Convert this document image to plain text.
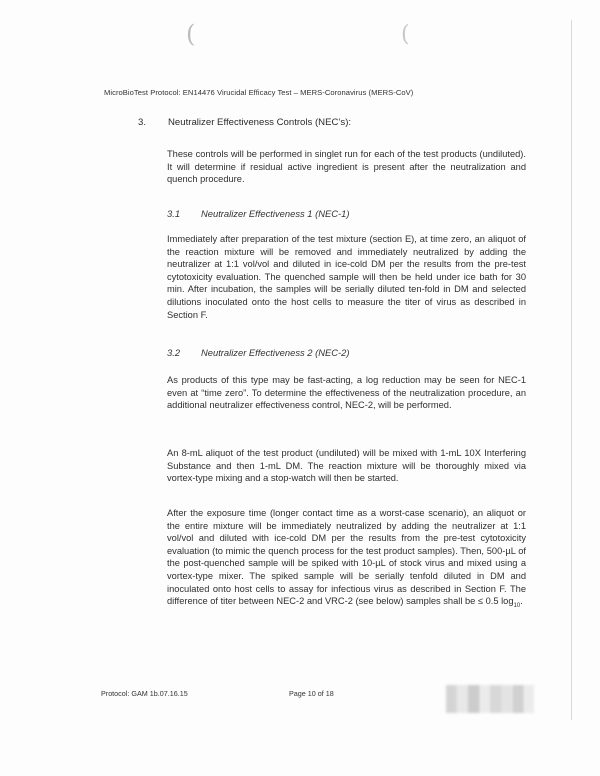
(	(
MicroBioTest Protocol: EN14476 Virucidal Efficacy Test – MERS-Coronavirus (MERS-CoV)
3. Neutralizer Effectiveness Controls (NEC’s):
These controls will be performed in singlet run for each of the test products (undiluted). It will determine if residual active ingredient is present after the neutralization and quench procedure.
3.1 Neutralizer Effectiveness 1 (NEC-1)
Immediately after preparation of the test mixture (section E), at time zero, an aliquot of the reaction mixture will be removed and immediately neutralized by adding the neutralizer at 1:1 vol/vol and diluted in ice-cold DM per the results from the pre-test cytotoxicity evaluation. The quenched sample will then be held under ice bath for 30 min. After incubation, the samples will be serially diluted ten-fold in DM and selected dilutions inoculated onto the host cells to measure the titer of virus as described in Section F.
3.2 Neutralizer Effectiveness 2 (NEC-2)
As products of this type may be fast-acting, a log reduction may be seen for NEC-1 even at “time zero”. To determine the effectiveness of the neutralization procedure, an additional neutralizer effectiveness control, NEC-2, will be performed.
An 8-mL aliquot of the test product (undiluted) will be mixed with 1-mL 10X Interfering Substance and then 1-mL DM. The reaction mixture will be thoroughly mixed via vortex-type mixing and a stop-watch will then be started.
After the exposure time (longer contact time as a worst-case scenario), an aliquot or the entire mixture will be immediately neutralized by adding the neutralizer at 1:1 vol/vol and diluted with ice-cold DM per the results from the pre-test cytotoxicity evaluation (to mimic the quench process for the test product samples). Then, 500-µL of the post-quenched sample will be spiked with 10-µL of stock virus and mixed using a vortex-type mixer. The spiked sample will be serially tenfold diluted in DM and inoculated onto host cells to assay for infectious virus as described in Section F. The difference of titer between NEC-2 and VRC-2 (see below) samples shall be ≤ 0.5 $\log_{10}$.
Protocol: GAM 1b.07.16.15	Page 10 of 18
